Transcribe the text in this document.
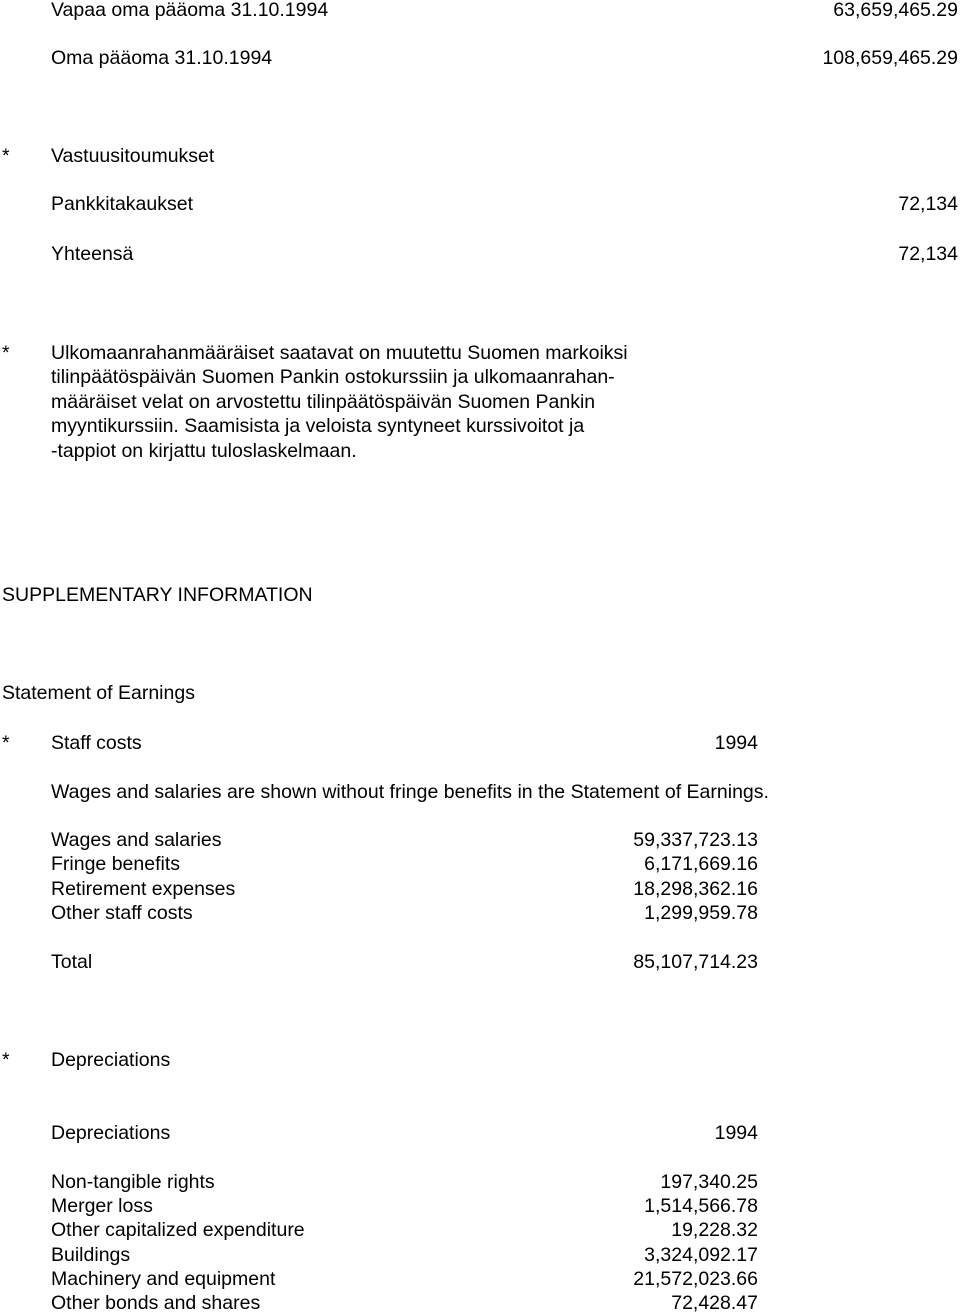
Vapaa oma pääoma 31.10.1994	63,659,465.29
Oma pääoma 31.10.1994	108,659,465.29
* Vastuusitoumukset
Pankkitakaukset	72,134
Yhteensä	72,134
* Ulkomaanrahanmääräiset saatavat on muutettu Suomen markoiksi
tilinpäätöspäivän Suomen Pankin ostokurssiin ja ulkomaanrahan-
määräiset velat on arvostettu tilinpäätöspäivän Suomen Pankin
myyntikurssiin. Saamisista ja veloista syntyneet kurssivoitot ja
-tappiot on kirjattu tuloslaskelmaan.
SUPPLEMENTARY INFORMATION
Statement of Earnings
* Staff costs	1994
Wages and salaries are shown without fringe benefits in the Statement of Earnings.
Wages and salaries	59,337,723.13
Fringe benefits	6,171,669.16
Retirement expenses	18,298,362.16
Other staff costs	1,299,959.78
Total	85,107,714.23
* Depreciations
Depreciations	1994
Non-tangible rights	197,340.25
Merger loss	1,514,566.78
Other capitalized expenditure	19,228.32
Buildings	3,324,092.17
Machinery and equipment	21,572,023.66
Other bonds and shares	72,428.47
